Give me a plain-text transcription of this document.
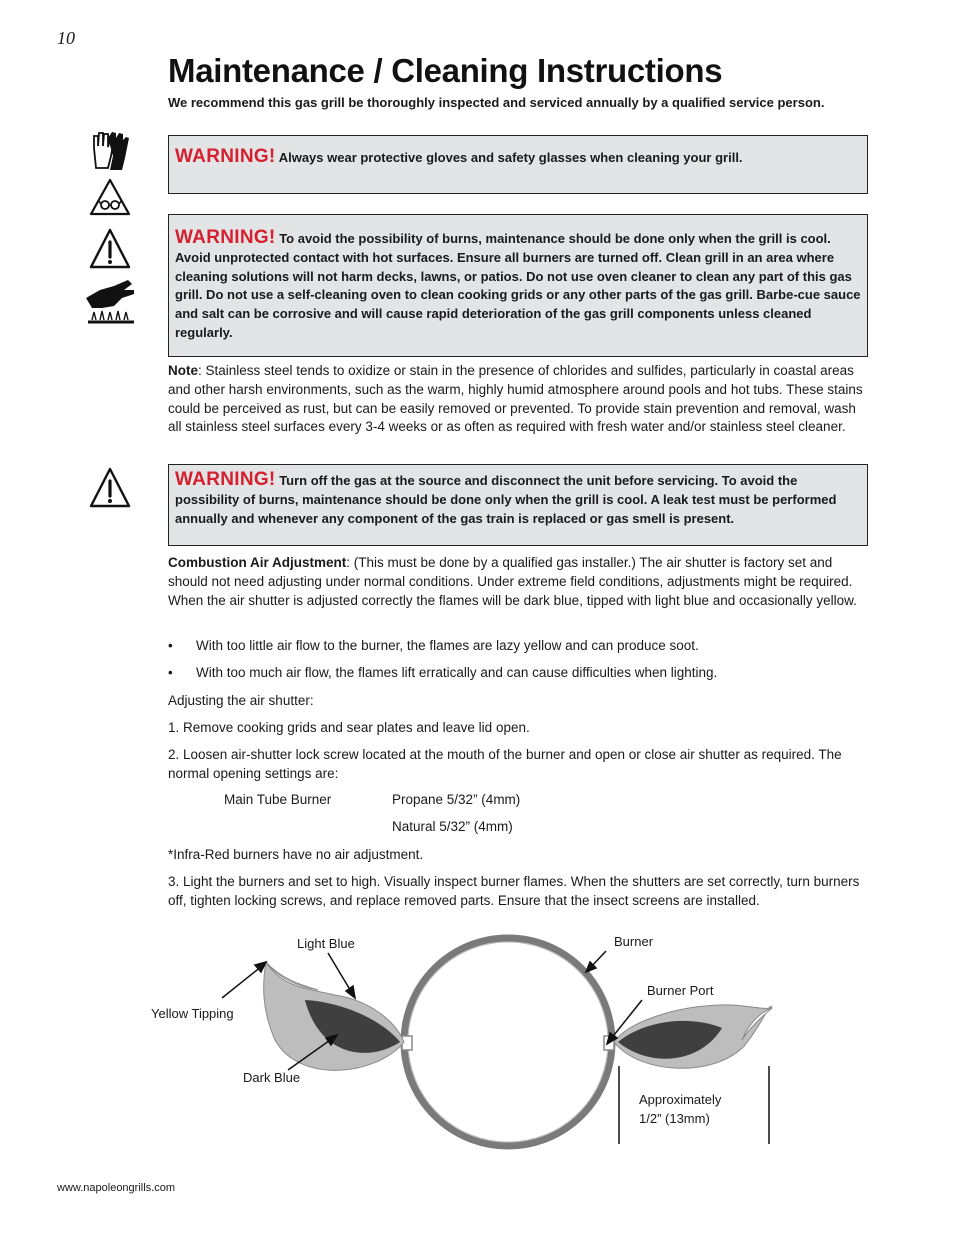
10
Maintenance / Cleaning Instructions
We recommend this gas grill be thoroughly inspected and serviced annually by a qualified service person.
WARNING! Always wear protective gloves and safety glasses when cleaning your grill.
WARNING! To avoid the possibility of burns, maintenance should be done only when the grill is cool. Avoid unprotected contact with hot surfaces. Ensure all burners are turned off. Clean grill in an area where cleaning solutions will not harm decks, lawns, or patios. Do not use oven cleaner to clean any part of this gas grill. Do not use a self-cleaning oven to clean cooking grids or any other parts of the gas grill. Barbe-cue sauce and salt can be corrosive and will cause rapid deterioration of the gas grill components unless cleaned regularly.
Note: Stainless steel tends to oxidize or stain in the presence of chlorides and sulfides, particularly in coastal areas and other harsh environments, such as the warm, highly humid atmosphere around pools and hot tubs. These stains could be perceived as rust, but can be easily removed or prevented. To provide stain prevention and removal, wash all stainless steel surfaces every 3-4 weeks or as often as required with fresh water and/or stainless steel cleaner.
WARNING! Turn off the gas at the source and disconnect the unit before servicing. To avoid the possibility of burns, maintenance should be done only when the grill is cool. A leak test must be performed annually and whenever any component of the gas train is replaced or gas smell is present.
Combustion Air Adjustment: (This must be done by a qualified gas installer.) The air shutter is factory set and should not need adjusting under normal conditions. Under extreme field conditions, adjustments might be required. When the air shutter is adjusted correctly the flames will be dark blue, tipped with light blue and occasionally yellow.
• With too little air flow to the burner, the flames are lazy yellow and can produce soot.
• With too much air flow, the flames lift erratically and can cause difficulties when lighting.
Adjusting the air shutter:
1. Remove cooking grids and sear plates and leave lid open.
2. Loosen air-shutter lock screw located at the mouth of the burner and open or close air shutter as required. The normal opening settings are:
Main Tube Burner	Propane 5/32” (4mm)
Natural 5/32” (4mm)
*Infra-Red burners have no air adjustment.
3. Light the burners and set to high. Visually inspect burner flames. When the shutters are set correctly, turn burners off, tighten locking screws, and replace removed parts. Ensure that the insect screens are installed.
Light Blue
Yellow Tipping
Dark Blue
Burner
Burner Port
Approximately
1/2” (13mm)
www.napoleongrills.com
